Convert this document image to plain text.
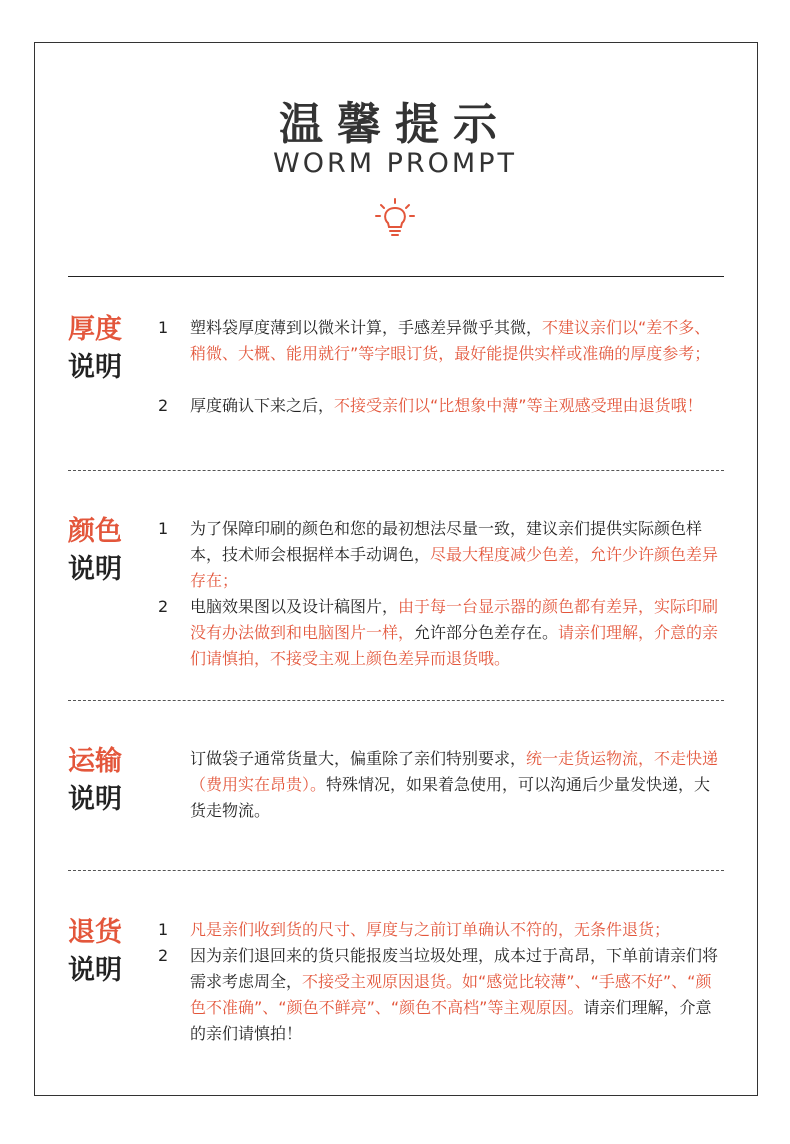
温馨提示
WORM PROMPT
厚度
说明
1	塑料袋厚度薄到以微米计算，手感差异微乎其微，不建议亲们以“差不多、稍微、大概、能用就行”等字眼订货，最好能提供实样或准确的厚度参考；
2	厚度确认下来之后，不接受亲们以“比想象中薄”等主观感受理由退货哦！
颜色
说明
1	为了保障印刷的颜色和您的最初想法尽量一致，建议亲们提供实际颜色样本，技术师会根据样本手动调色，尽最大程度减少色差，允许少许颜色差异存在；
2	电脑效果图以及设计稿图片，由于每一台显示器的颜色都有差异，实际印刷没有办法做到和电脑图片一样，允许部分色差存在。请亲们理解，介意的亲们请慎拍，不接受主观上颜色差异而退货哦。
运输
说明
订做袋子通常货量大，偏重除了亲们特别要求，统一走货运物流，不走快递（费用实在昂贵）。特殊情况，如果着急使用，可以沟通后少量发快递，大货走物流。
退货
说明
1	凡是亲们收到货的尺寸、厚度与之前订单确认不符的，无条件退货；
2	因为亲们退回来的货只能报废当垃圾处理，成本过于高昂，下单前请亲们将需求考虑周全，不接受主观原因退货。如“感觉比较薄”、“手感不好”、“颜色不准确”、“颜色不鲜亮”、“颜色不高档”等主观原因。请亲们理解，介意的亲们请慎拍！
